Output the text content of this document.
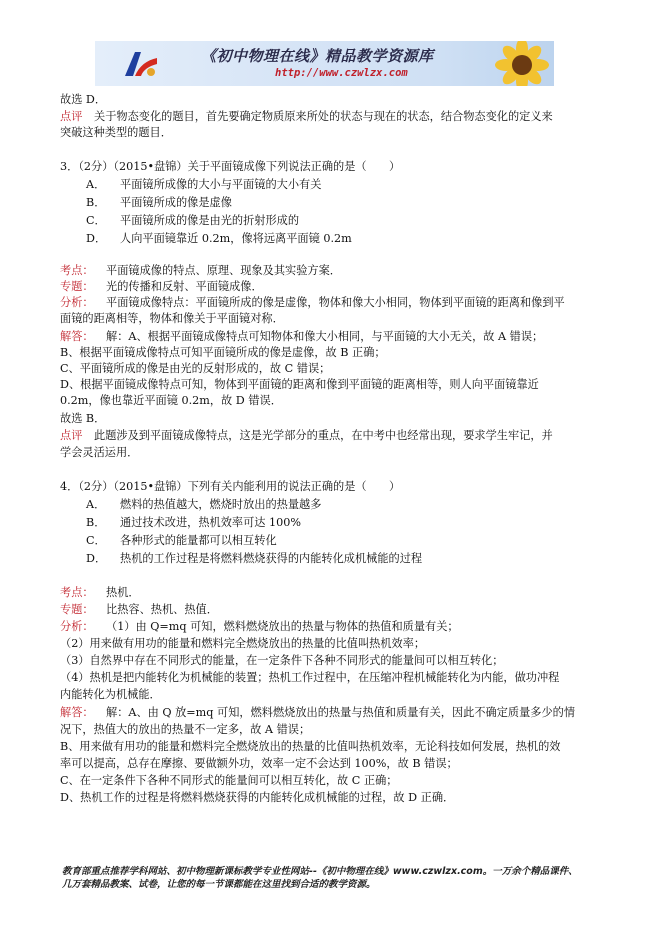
《初中物理在线》精品教学资源库
http://www.czwlzx.com
故选 D．
点评 关于物态变化的题目，首先要确定物质原来所处的状态与现在的状态，结合物态变化的定义来
突破这种类型的题目．
3．（2分）（2015•盘锦）关于平面镜成像下列说法正确的是（　　）
A． 平面镜所成像的大小与平面镜的大小有关
B． 平面镜所成的像是虚像
C． 平面镜所成的像是由光的折射形成的
D． 人向平面镜靠近 0.2m，像将远离平面镜 0.2m
考点： 平面镜成像的特点、原理、现象及其实验方案．
专题： 光的传播和反射、平面镜成像．
分析： 平面镜成像特点：平面镜所成的像是虚像，物体和像大小相同，物体到平面镜的距离和像到平
面镜的距离相等，物体和像关于平面镜对称．
解答： 解：A、根据平面镜成像特点可知物体和像大小相同，与平面镜的大小无关，故 A 错误；
B、根据平面镜成像特点可知平面镜所成的像是虚像，故 B 正确；
C、平面镜所成的像是由光的反射形成的，故 C 错误；
D、根据平面镜成像特点可知，物体到平面镜的距离和像到平面镜的距离相等，则人向平面镜靠近
0.2m，像也靠近平面镜 0.2m，故 D 错误．
故选 B．
点评 此题涉及到平面镜成像特点，这是光学部分的重点，在中考中也经常出现，要求学生牢记，并
学会灵活运用．
4．（2分）（2015•盘锦）下列有关内能利用的说法正确的是（　　）
A． 燃料的热值越大，燃烧时放出的热量越多
B． 通过技术改进，热机效率可达 100%
C． 各种形式的能量都可以相互转化
D． 热机的工作过程是将燃料燃烧获得的内能转化成机械能的过程
考点： 热机．
专题： 比热容、热机、热值．
分析： （1）由 Q=mq 可知，燃料燃烧放出的热量与物体的热值和质量有关；
（2）用来做有用功的能量和燃料完全燃烧放出的热量的比值叫热机效率；
（3）自然界中存在不同形式的能量，在一定条件下各种不同形式的能量间可以相互转化；
（4）热机是把内能转化为机械能的装置；热机工作过程中，在压缩冲程机械能转化为内能，做功冲程
内能转化为机械能．
解答： 解：A、由 Q 放=mq 可知，燃料燃烧放出的热量与热值和质量有关，因此不确定质量多少的情
况下，热值大的放出的热量不一定多，故 A 错误；
B、用来做有用功的能量和燃料完全燃烧放出的热量的比值叫热机效率，无论科技如何发展，热机的效
率可以提高，总存在摩擦、要做额外功，效率一定不会达到 100%，故 B 错误；
C、在一定条件下各种不同形式的能量间可以相互转化，故 C 正确；
D、热机工作的过程是将燃料燃烧获得的内能转化成机械能的过程，故 D 正确．
教育部重点推荐学科网站、初中物理新课标教学专业性网站--《初中物理在线》www.czwlzx.com。一万余个精品课件、
几万套精品教案、试卷，让您的每一节课都能在这里找到合适的教学资源。
